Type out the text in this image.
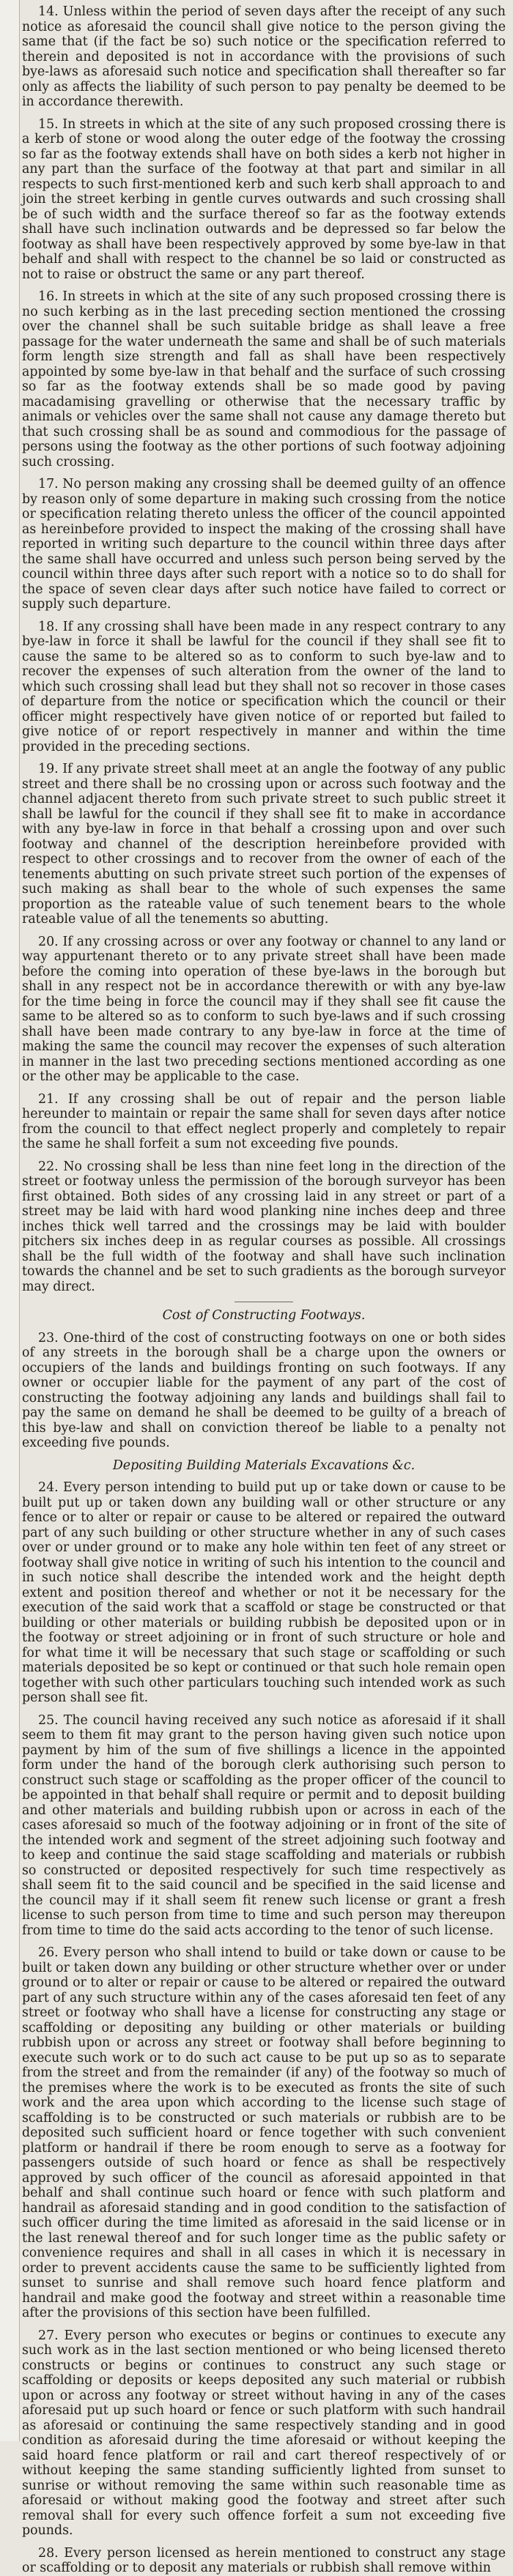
14. Unless within the period of seven days after the receipt of any such notice as aforesaid the council shall give notice to the person giving the same that (if the fact be so) such notice or the specification referred to therein and deposited is not in accordance with the provisions of such bye-laws as aforesaid such notice and specification shall thereafter so far only as affects the liability of such person to pay penalty be deemed to be in accordance therewith.

15. In streets in which at the site of any such proposed crossing there is a kerb of stone or wood along the outer edge of the footway the crossing so far as the footway extends shall have on both sides a kerb not higher in any part than the surface of the footway at that part and similar in all respects to such first-mentioned kerb and such kerb shall approach to and join the street kerbing in gentle curves outwards and such crossing shall be of such width and the surface thereof so far as the footway extends shall have such inclination outwards and be depressed so far below the footway as shall have been respectively approved by some bye-law in that behalf and shall with respect to the channel be so laid or constructed as not to raise or obstruct the same or any part thereof.

16. In streets in which at the site of any such proposed crossing there is no such kerbing as in the last preceding section mentioned the crossing over the channel shall be such suitable bridge as shall leave a free passage for the water underneath the same and shall be of such materials form length size strength and fall as shall have been respectively appointed by some bye-law in that behalf and the surface of such crossing so far as the footway extends shall be so made good by paving macadamising gravelling or otherwise that the necessary traffic by animals or vehicles over the same shall not cause any damage thereto but that such crossing shall be as sound and commodious for the passage of persons using the footway as the other portions of such footway adjoining such crossing.

17. No person making any crossing shall be deemed guilty of an offence by reason only of some departure in making such crossing from the notice or specification relating thereto unless the officer of the council appointed as hereinbefore provided to inspect the making of the crossing shall have reported in writing such departure to the council within three days after the same shall have occurred and unless such person being served by the council within three days after such report with a notice so to do shall for the space of seven clear days after such notice have failed to correct or supply such departure.

18. If any crossing shall have been made in any respect contrary to any bye-law in force it shall be lawful for the council if they shall see fit to cause the same to be altered so as to conform to such bye-law and to recover the expenses of such alteration from the owner of the land to which such crossing shall lead but they shall not so recover in those cases of departure from the notice or specification which the council or their officer might respectively have given notice of or reported but failed to give notice of or report respectively in manner and within the time provided in the preceding sections.

19. If any private street shall meet at an angle the footway of any public street and there shall be no crossing upon or across such footway and the channel adjacent thereto from such private street to such public street it shall be lawful for the council if they shall see fit to make in accordance with any bye-law in force in that behalf a crossing upon and over such footway and channel of the description hereinbefore provided with respect to other crossings and to recover from the owner of each of the tenements abutting on such private street such portion of the expenses of such making as shall bear to the whole of such expenses the same proportion as the rateable value of such tenement bears to the whole rateable value of all the tenements so abutting.

20. If any crossing across or over any footway or channel to any land or way appurtenant thereto or to any private street shall have been made before the coming into operation of these bye-laws in the borough but shall in any respect not be in accordance therewith or with any bye-law for the time being in force the council may if they shall see fit cause the same to be altered so as to conform to such bye-laws and if such crossing shall have been made contrary to any bye-law in force at the time of making the same the council may recover the expenses of such alteration in manner in the last two preceding sections mentioned according as one or the other may be applicable to the case.

21. If any crossing shall be out of repair and the person liable hereunder to maintain or repair the same shall for seven days after notice from the council to that effect neglect properly and completely to repair the same he shall forfeit a sum not exceeding five pounds.

22. No crossing shall be less than nine feet long in the direction of the street or footway unless the permission of the borough surveyor has been first obtained. Both sides of any crossing laid in any street or part of a street may be laid with hard wood planking nine inches deep and three inches thick well tarred and the crossings may be laid with boulder pitchers six inches deep in as regular courses as possible. All crossings shall be the full width of the footway and shall have such inclination towards the channel and be set to such gradients as the borough surveyor may direct.

Cost of Constructing Footways.

23. One-third of the cost of constructing footways on one or both sides of any streets in the borough shall be a charge upon the owners or occupiers of the lands and buildings fronting on such footways. If any owner or occupier liable for the payment of any part of the cost of constructing the footway adjoining any lands and buildings shall fail to pay the same on demand he shall be deemed to be guilty of a breach of this bye-law and shall on conviction thereof be liable to a penalty not exceeding five pounds.

Depositing Building Materials Excavations &c.

24. Every person intending to build put up or take down or cause to be built put up or taken down any building wall or other structure or any fence or to alter or repair or cause to be altered or repaired the outward part of any such building or other structure whether in any of such cases over or under ground or to make any hole within ten feet of any street or footway shall give notice in writing of such his intention to the council and in such notice shall describe the intended work and the height depth extent and position thereof and whether or not it be necessary for the execution of the said work that a scaffold or stage be constructed or that building or other materials or building rubbish be deposited upon or in the footway or street adjoining or in front of such structure or hole and for what time it will be necessary that such stage or scaffolding or such materials deposited be so kept or continued or that such hole remain open together with such other particulars touching such intended work as such person shall see fit.

25. The council having received any such notice as aforesaid if it shall seem to them fit may grant to the person having given such notice upon payment by him of the sum of five shillings a licence in the appointed form under the hand of the borough clerk authorising such person to construct such stage or scaffolding as the proper officer of the council to be appointed in that behalf shall require or permit and to deposit building and other materials and building rubbish upon or across in each of the cases aforesaid so much of the footway adjoining or in front of the site of the intended work and segment of the street adjoining such footway and to keep and continue the said stage scaffolding and materials or rubbish so constructed or deposited respectively for such time respectively as shall seem fit to the said council and be specified in the said license and the council may if it shall seem fit renew such license or grant a fresh license to such person from time to time and such person may thereupon from time to time do the said acts according to the tenor of such license.

26. Every person who shall intend to build or take down or cause to be built or taken down any building or other structure whether over or under ground or to alter or repair or cause to be altered or repaired the outward part of any such structure within any of the cases aforesaid ten feet of any street or footway who shall have a license for constructing any stage or scaffolding or depositing any building or other materials or building rubbish upon or across any street or footway shall before beginning to execute such work or to do such act cause to be put up so as to separate from the street and from the remainder (if any) of the footway so much of the premises where the work is to be executed as fronts the site of such work and the area upon which according to the license such stage of scaffolding is to be constructed or such materials or rubbish are to be deposited such sufficient hoard or fence together with such convenient platform or handrail if there be room enough to serve as a footway for passengers outside of such hoard or fence as shall be respectively approved by such officer of the council as aforesaid appointed in that behalf and shall continue such hoard or fence with such platform and handrail as aforesaid standing and in good condition to the satisfaction of such officer during the time limited as aforesaid in the said license or in the last renewal thereof and for such longer time as the public safety or convenience requires and shall in all cases in which it is necessary in order to prevent accidents cause the same to be sufficiently lighted from sunset to sunrise and shall remove such hoard fence platform and handrail and make good the footway and street within a reasonable time after the provisions of this section have been fulfilled.

27. Every person who executes or begins or continues to execute any such work as in the last section mentioned or who being licensed thereto constructs or begins or continues to construct any such stage or scaffolding or deposits or keeps deposited any such material or rubbish upon or across any footway or street without having in any of the cases aforesaid put up such hoard or fence or such platform with such handrail as aforesaid or continuing the same respectively standing and in good condition as aforesaid during the time aforesaid or without keeping the said hoard fence platform or rail and cart thereof respectively of or without keeping the same standing sufficiently lighted from sunset to sunrise or without removing the same within such reasonable time as aforesaid or without making good the footway and street after such removal shall for every such offence forfeit a sum not exceeding five pounds.

28. Every person licensed as herein mentioned to construct any stage or scaffolding or to deposit any materials or rubbish shall remove within
